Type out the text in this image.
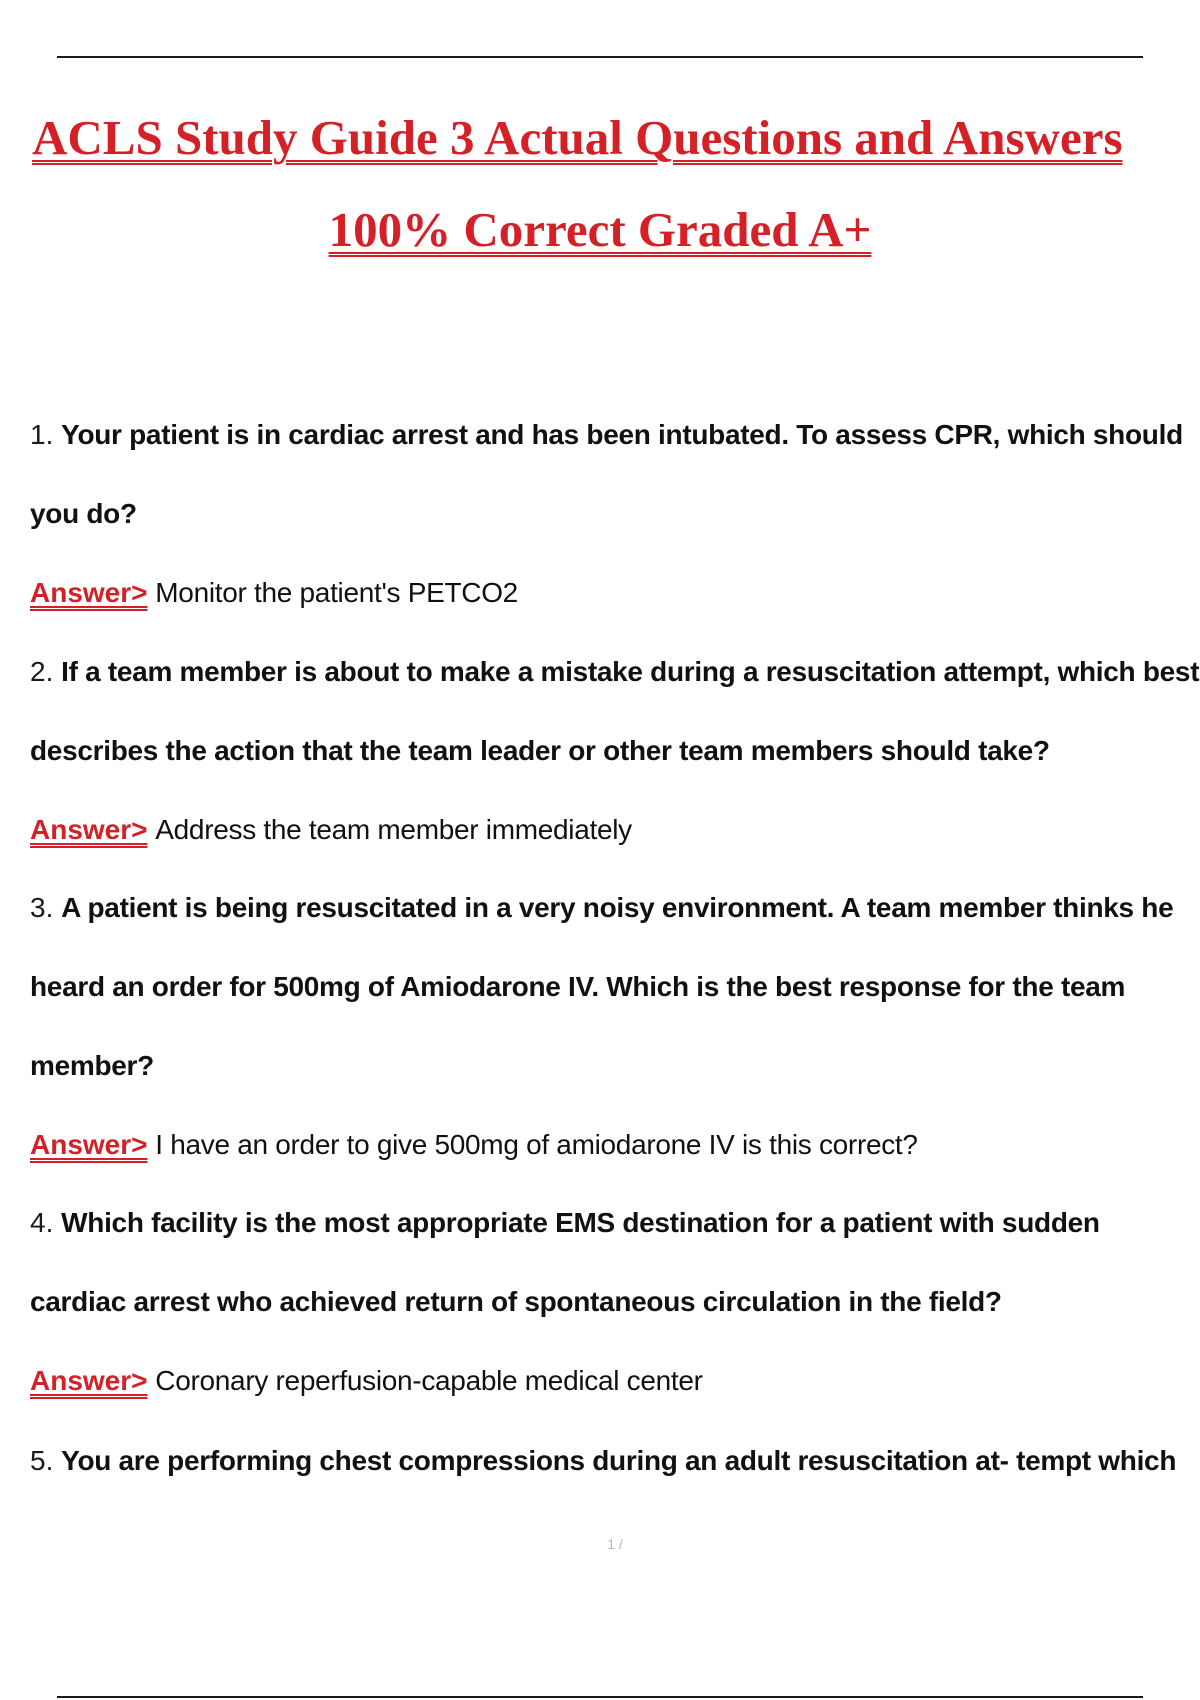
ACLS Study Guide 3 Actual Questions and Answers
100% Correct Graded A+
1. Your patient is in cardiac arrest and has been intubated. To assess CPR, which should
you do?
Answer> Monitor the patient's PETCO2
2. If a team member is about to make a mistake during a resuscitation attempt, which best
describes the action that the team leader or other team members should take?
Answer> Address the team member immediately
3. A patient is being resuscitated in a very noisy environment. A team member thinks he
heard an order for 500mg of Amiodarone IV. Which is the best response for the team
member?
Answer> I have an order to give 500mg of amiodarone IV is this correct?
4. Which facility is the most appropriate EMS destination for a patient with sudden
cardiac arrest who achieved return of spontaneous circulation in the field?
Answer> Coronary reperfusion-capable medical center
5. You are performing chest compressions during an adult resuscitation at- tempt which
1 /
